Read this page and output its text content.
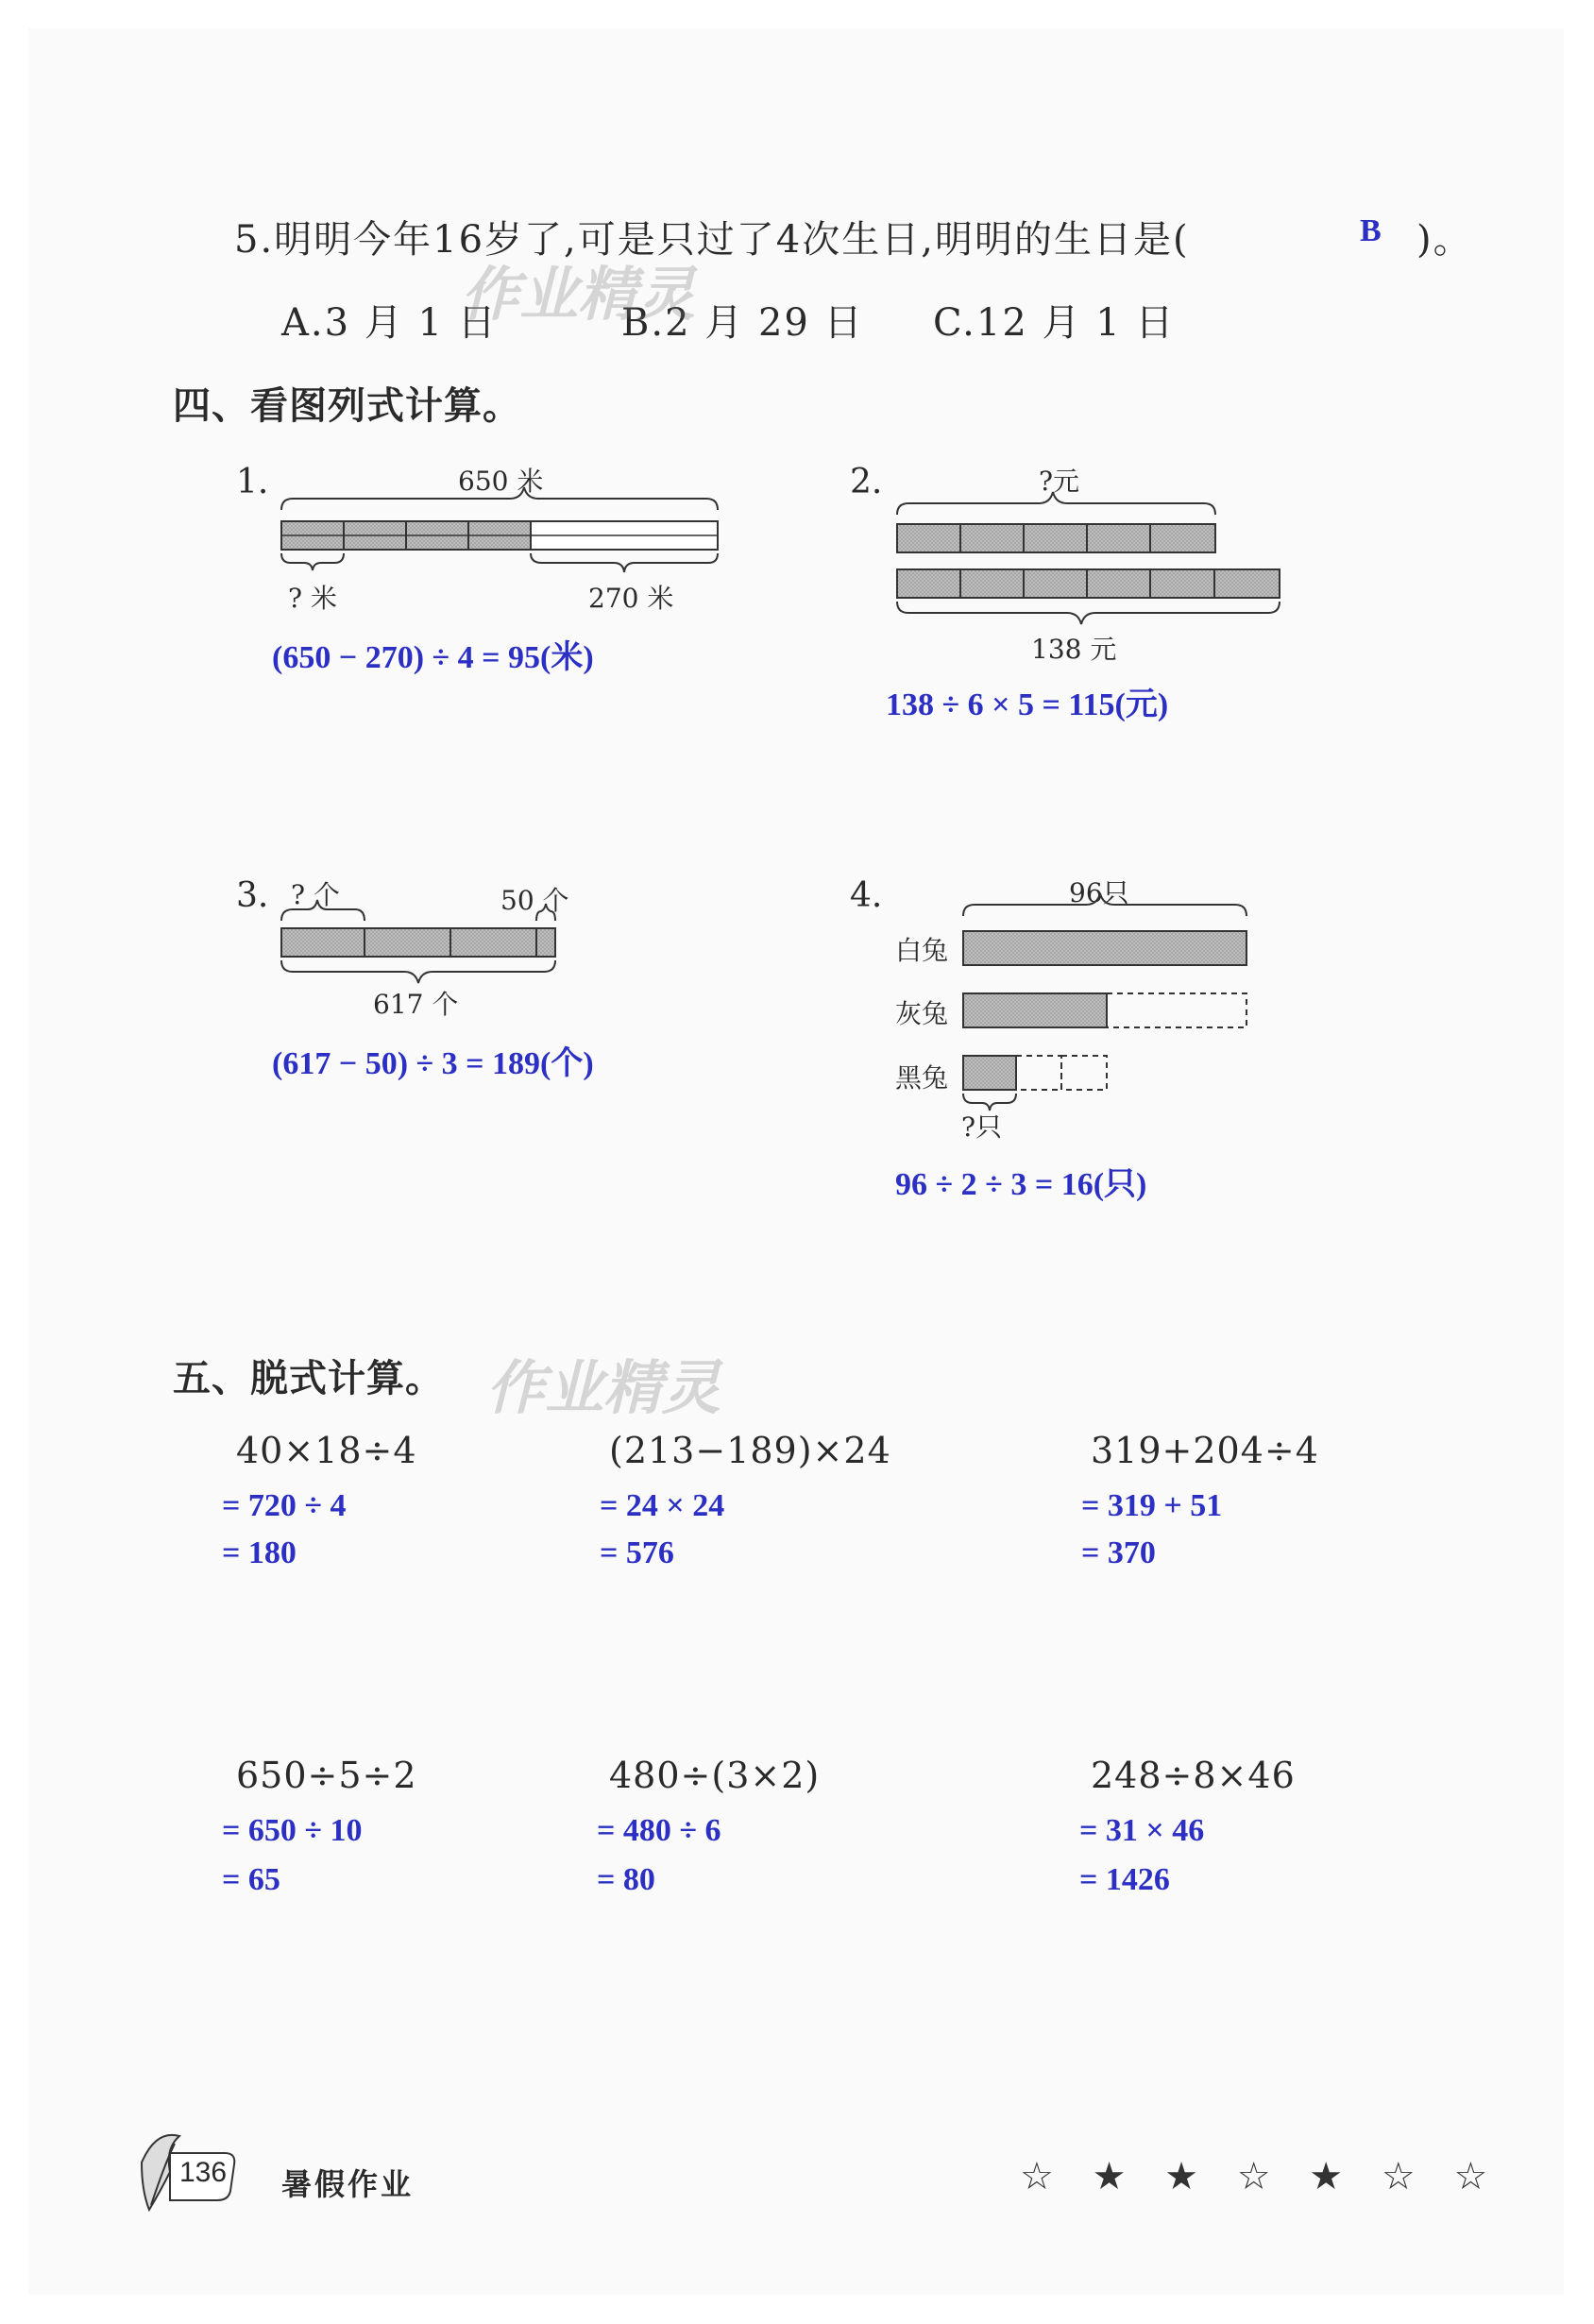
5.明明今年16岁了,可是只过了4次生日,明明的生日是(	B )。
A.3 月 1 日	B.2 月 29 日 C.12 月 1 日
作业精灵
四、看图列式计算。
1.	650 米
? 米	270 米
(650 − 270) ÷ 4 = 95(米)
2.	?元
138 元
138 ÷ 6 × 5 = 115(元)
3. ? 个	50 个
617 个
(617 − 50) ÷ 3 = 189(个)
4.	96只
白兔
灰兔
黑兔
?只
96 ÷ 2 ÷ 3 = 16(只)
五、脱式计算。 作业精灵
40×18÷4
= 720 ÷ 4
= 180
(213−189)×24
= 24 × 24
= 576
319+204÷4
= 319 + 51
= 370
650÷5÷2
= 650 ÷ 10
= 65
480÷(3×2)
= 480 ÷ 6
= 80
248÷8×46
= 31 × 46
= 1426
136 暑假作业	☆ ★ ★ ☆ ★ ☆ ☆
